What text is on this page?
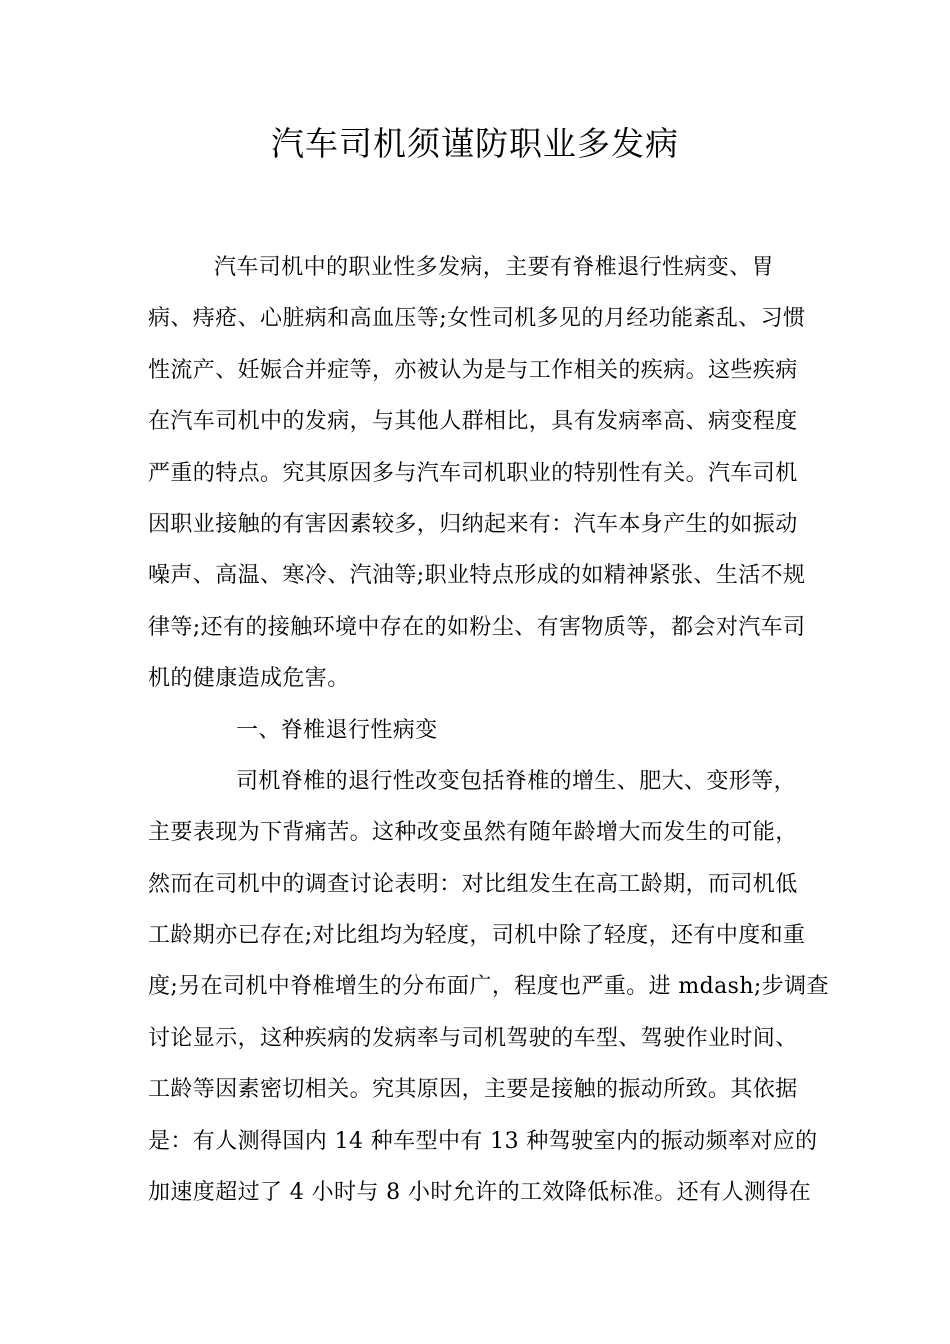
汽车司机须谨防职业多发病
汽车司机中的职业性多发病，主要有脊椎退行性病变、胃
病、痔疮、心脏病和高血压等;女性司机多见的月经功能紊乱、习惯
性流产、妊娠合并症等，亦被认为是与工作相关的疾病。这些疾病
在汽车司机中的发病，与其他人群相比，具有发病率高、病变程度
严重的特点。究其原因多与汽车司机职业的特别性有关。汽车司机
因职业接触的有害因素较多，归纳起来有：汽车本身产生的如振动
噪声、高温、寒冷、汽油等;职业特点形成的如精神紧张、生活不规
律等;还有的接触环境中存在的如粉尘、有害物质等，都会对汽车司
机的健康造成危害。
一、脊椎退行性病变
司机脊椎的退行性改变包括脊椎的增生、肥大、变形等，
主要表现为下背痛苦。这种改变虽然有随年龄增大而发生的可能，
然而在司机中的调查讨论表明：对比组发生在高工龄期，而司机低
工龄期亦已存在;对比组均为轻度，司机中除了轻度，还有中度和重
度;另在司机中脊椎增生的分布面广，程度也严重。进 mdash;步调查
讨论显示，这种疾病的发病率与司机驾驶的车型、驾驶作业时间、
工龄等因素密切相关。究其原因，主要是接触的振动所致。其依据
是：有人测得国内 14 种车型中有 13 种驾驶室内的振动频率对应的
加速度超过了 4 小时与 8 小时允许的工效降低标准。还有人测得在
